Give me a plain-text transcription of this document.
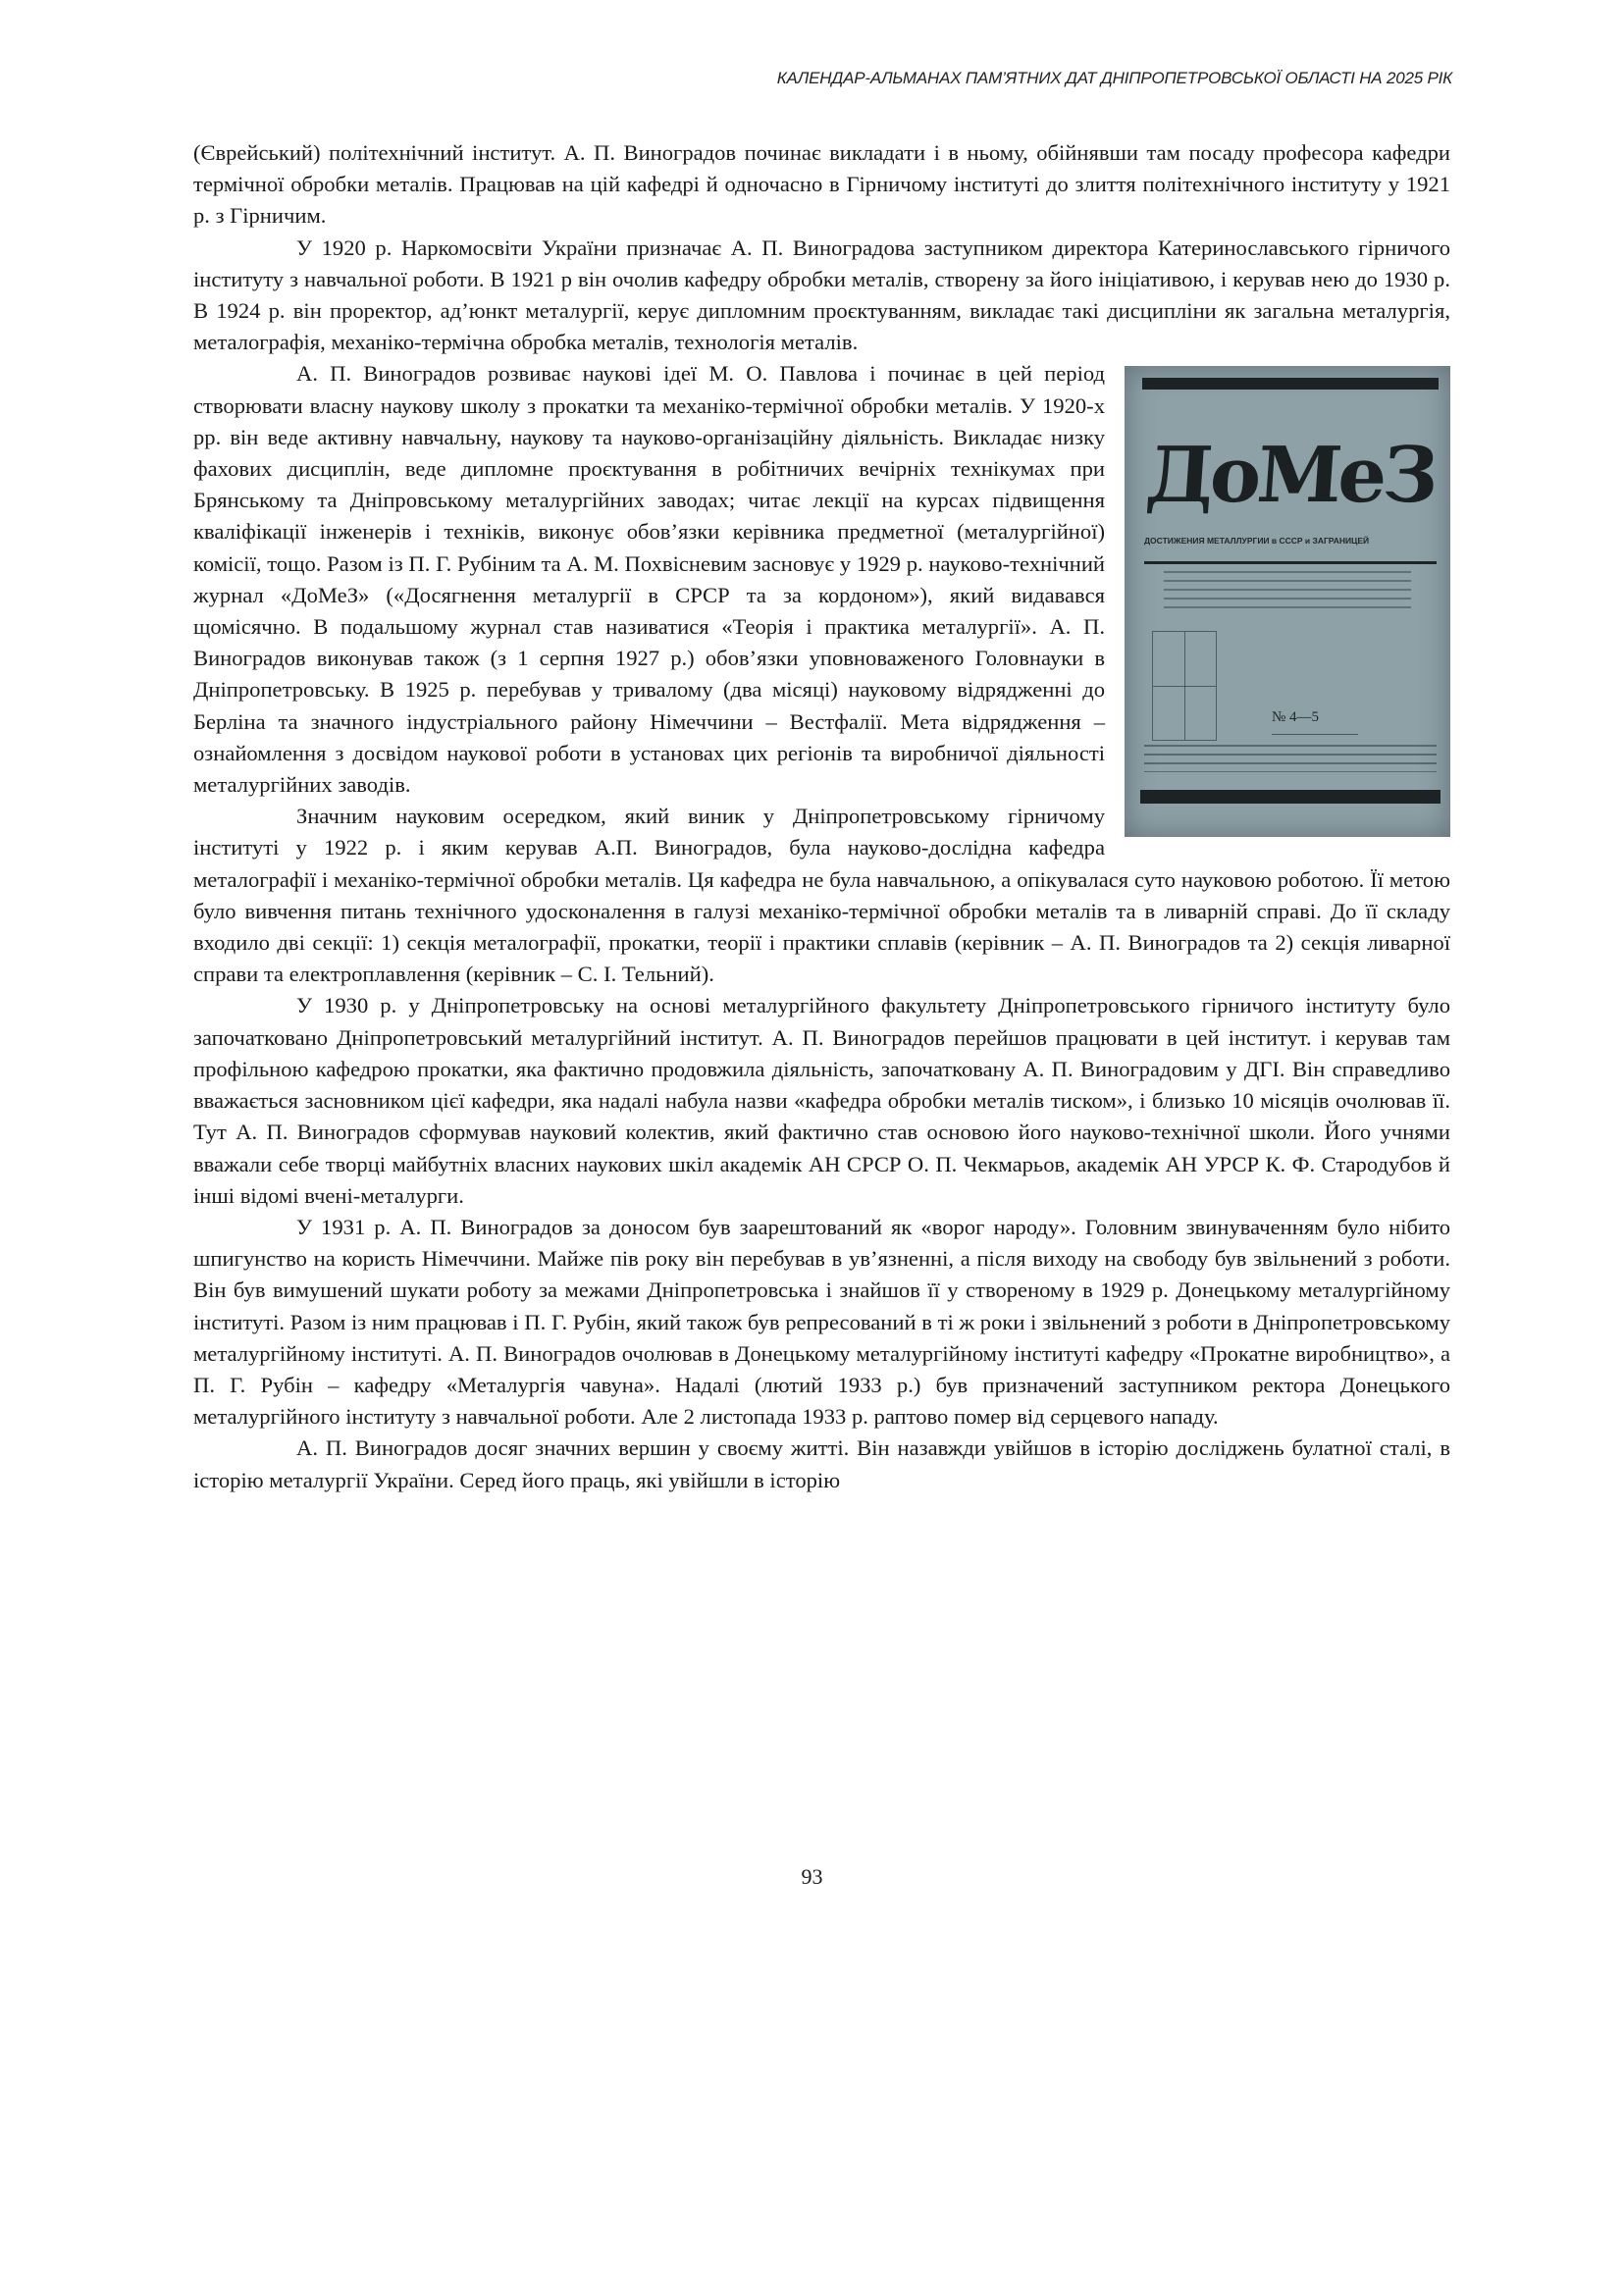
КАЛЕНДАР-АЛЬМАНАХ ПАМ’ЯТНИХ ДАТ ДНІПРОПЕТРОВСЬКОЇ ОБЛАСТІ НА 2025 РІК

(Єврейський) політехнічний інститут. А. П. Виноградов починає викладати і в ньому, обійнявши там посаду професора кафедри термічної обробки металів. Працював на цій кафедрі й одночасно в Гірничому інституті до злиття політехнічного інституту у 1921 р. з Гірничим.

У 1920 р. Наркомосвіти України призначає А. П. Виноградова заступником директора Катеринославського гірничого інституту з навчальної роботи. В 1921 р він очолив кафедру обробки металів, створену за його ініціативою, і керував нею до 1930 р. В 1924 р. він проректор, ад’юнкт металургії, керує дипломним проєктуванням, викладає такі дисципліни як загальна металургія, металографія, механіко-термічна обробка металів, технологія металів.

ДоМеЗ
ДОСТИЖЕНИЯ МЕТАЛЛУРГИИ в СССР и ЗАГРАНИЦЕЙ
№ 4—5

А. П. Виноградов розвиває наукові ідеї М. О. Павлова і починає в цей період створювати власну наукову школу з прокатки та механіко-термічної обробки металів. У 1920-х рр. він веде активну навчальну, наукову та науково-організаційну діяльність. Викладає низку фахових дисциплін, веде дипломне проєктування в робітничих вечірніх технікумах при Брянському та Дніпровському металургійних заводах; читає лекції на курсах підвищення кваліфікації інженерів і техніків, виконує обов’язки керівника предметної (металургійної) комісії, тощо. Разом із П. Г. Рубіним та А. М. Похвісневим засновує у 1929 р. науково-технічний журнал «ДоМеЗ» («Досягнення металургії в СРСР та за кордоном»), який видавався щомісячно. В подальшому журнал став називатися «Теорія і практика металургії». А. П. Виноградов виконував також (з 1 серпня 1927 р.) обов’язки уповноваженого Головнауки в Дніпропетровську. В 1925 р. перебував у тривалому (два місяці) науковому відрядженні до Берліна та значного індустріального району Німеччини – Вестфалії. Мета відрядження – ознайомлення з досвідом наукової роботи в установах цих регіонів та виробничої діяльності металургійних заводів.

Значним науковим осередком, який виник у Дніпропетровському гірничому інституті у 1922 р. і яким керував А.П. Виноградов, була науково-дослідна кафедра металографії і механіко-термічної обробки металів. Ця кафедра не була навчальною, а опікувалася суто науковою роботою. Її метою було вивчення питань технічного удосконалення в галузі механіко-термічної обробки металів та в ливарній справі. До її складу входило дві секції: 1) секція металографії, прокатки, теорії і практики сплавів (керівник – А. П. Виноградов та 2) секція ливарної справи та електроплавлення (керівник – С. І. Тельний).

У 1930 р. у Дніпропетровську на основі металургійного факультету Дніпропетровського гірничого інституту було започатковано Дніпропетровський металургійний інститут. А. П. Виноградов перейшов працювати в цей інститут. і керував там профільною кафедрою прокатки, яка фактично продовжила діяльність, започатковану А. П. Виноградовим у ДГІ. Він справедливо вважається засновником цієї кафедри, яка надалі набула назви «кафедра обробки металів тиском», і близько 10 місяців очолював її. Тут А. П. Виноградов сформував науковий колектив, який фактично став основою його науково-технічної школи. Його учнями вважали себе творці майбутніх власних наукових шкіл академік АН СРСР О. П. Чекмарьов, академік АН УРСР К. Ф. Стародубов й інші відомі вчені-металурги.

У 1931 р. А. П. Виноградов за доносом був заарештований як «ворог народу». Головним звинуваченням було нібито шпигунство на користь Німеччини. Майже пів року він перебував в ув’язненні, а після виходу на свободу був звільнений з роботи. Він був вимушений шукати роботу за межами Дніпропетровська і знайшов її у створеному в 1929 р. Донецькому металургійному інституті. Разом із ним працював і П. Г. Рубін, який також був репресований в ті ж роки і звільнений з роботи в Дніпропетровському металургійному інституті. А. П. Виноградов очолював в Донецькому металургійному інституті кафедру «Прокатне виробництво», а П. Г. Рубін – кафедру «Металургія чавуна». Надалі (лютий 1933 р.) був призначений заступником ректора Донецького металургійного інституту з навчальної роботи. Але 2 листопада 1933 р. раптово помер від серцевого нападу.

А. П. Виноградов досяг значних вершин у своєму житті. Він назавжди увійшов в історію досліджень булатної сталі, в історію металургії України. Серед його праць, які увійшли в історію

93
